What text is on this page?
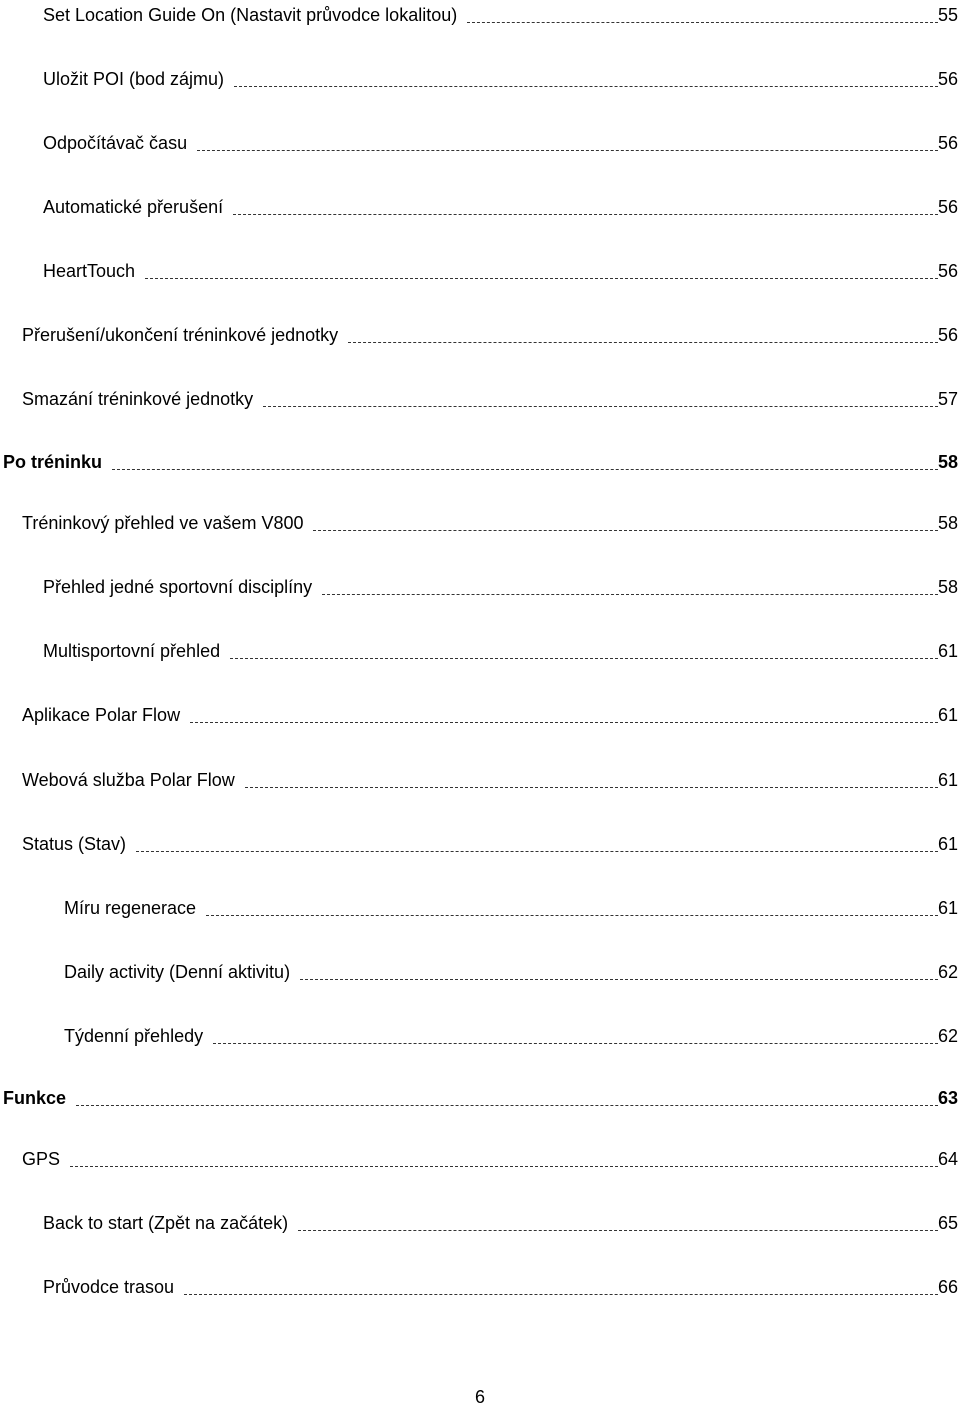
Set Location Guide On (Nastavit průvodce lokalitou)	55
Uložit POI (bod zájmu)	56
Odpočítávač času	56
Automatické přerušení	56
HeartTouch	56
Přerušení/ukončení tréninkové jednotky	56
Smazání tréninkové jednotky	57
Po tréninku	58
Tréninkový přehled ve vašem V800	58
Přehled jedné sportovní disciplíny	58
Multisportovní přehled	61
Aplikace Polar Flow	61
Webová služba Polar Flow	61
Status (Stav)	61
Míru regenerace	61
Daily activity (Denní aktivitu)	62
Týdenní přehledy	62
Funkce	63
GPS	64
Back to start (Zpět na začátek)	65
Průvodce trasou	66
6
